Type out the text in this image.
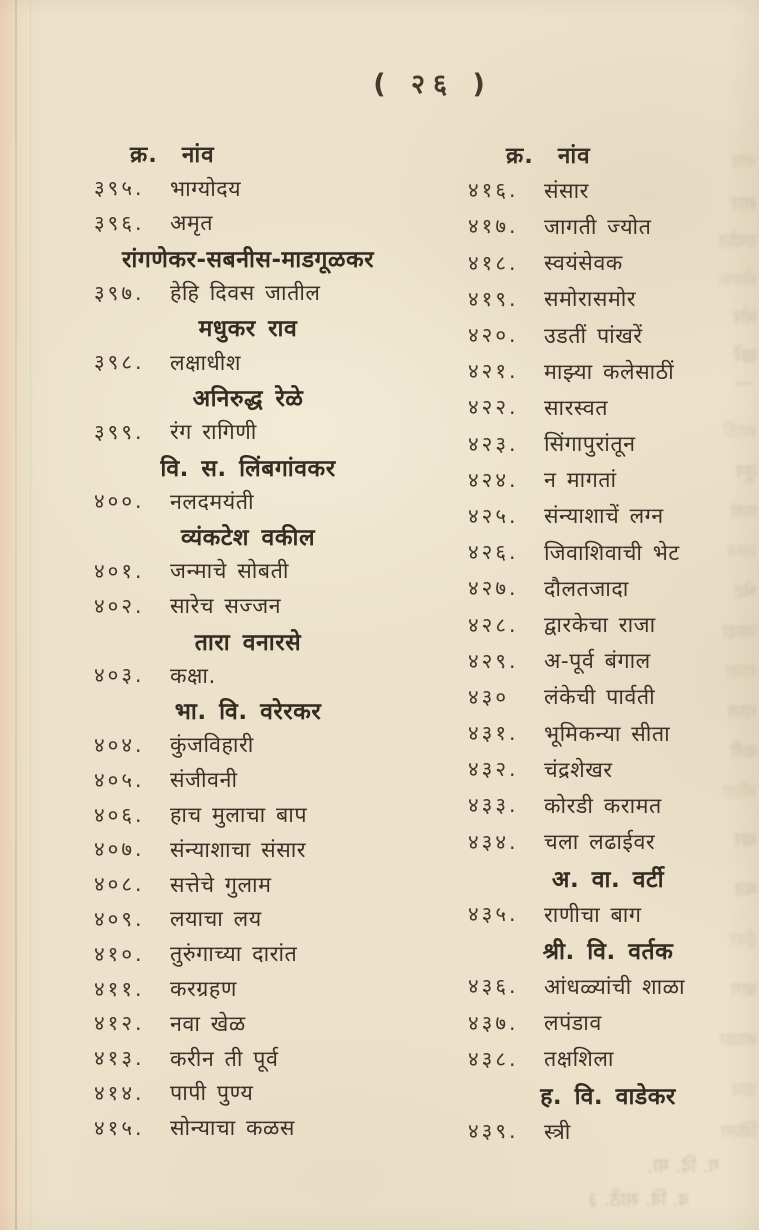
( २६ )
क्र. नांव
३९५.	भाग्योदय
३९६.	अमृत
रांगणेकर-सबनीस-माडगूळकर
३९७.	हेहि दिवस जातील
मधुकर राव
३९८.	लक्षाधीश
अनिरुद्ध रेळे
३९९.	रंग रागिणी
वि. स. लिंबगांवकर
४००.	नलदमयंती
व्यंकटेश वकील
४०१.	जन्माचे सोबती
४०२.	सारेच सज्जन
तारा वनारसे
४०३.	कक्षा.
भा. वि. वरेरकर
४०४.	कुंजविहारी
४०५.	संजीवनी
४०६.	हाच मुलाचा बाप
४०७.	संन्याशाचा संसार
४०८.	सत्तेचे गुलाम
४०९.	लयाचा लय
४१०.	तुरुंगाच्या दारांत
४११.	करग्रहण
४१२.	नवा खेळ
४१३.	करीन ती पूर्व
४१४.	पापी पुण्य
४१५.	सोन्याचा कळस
क्र. नांव
४१६.	संसार
४१७.	जागती ज्योत
४१८.	स्वयंसेवक
४१९.	समोरासमोर
४२०.	उडतीं पांखरें
४२१.	माझ्या कलेसाठीं
४२२.	सारस्वत
४२३.	सिंगापुरांतून
४२४.	न मागतां
४२५.	संन्याशाचें लग्न
४२६.	जिवाशिवाची भेट
४२७.	दौलतजादा
४२८.	द्वारकेचा राजा
४२९.	अ-पूर्व बंगाल
४३०	लंकेची पार्वती
४३१.	भूमिकन्या सीता
४३२.	चंद्रशेखर
४३३.	कोरडी करामत
४३४.	चला लढाईवर
अ. वा. वर्टी
४३५.	राणीचा बाग
श्री. वि. वर्तक
४३६.	आंधळ्यांची शाळा
४३७.	लपंडाव
४३८.	तक्षशिला
ह. वि. वाडेकर
४३९.	स्त्री
नांव
सार
ज्योत
सेवक
मोर
खरें
—
साठीं
तून
गतां
लग्न
भेट
जादा
राजा
गाल
वती
सीता
खर
मत
ईवर
बाग
शाळा
डाव
शिला
ग. दि. मा.
व. वि. साठें. ३
